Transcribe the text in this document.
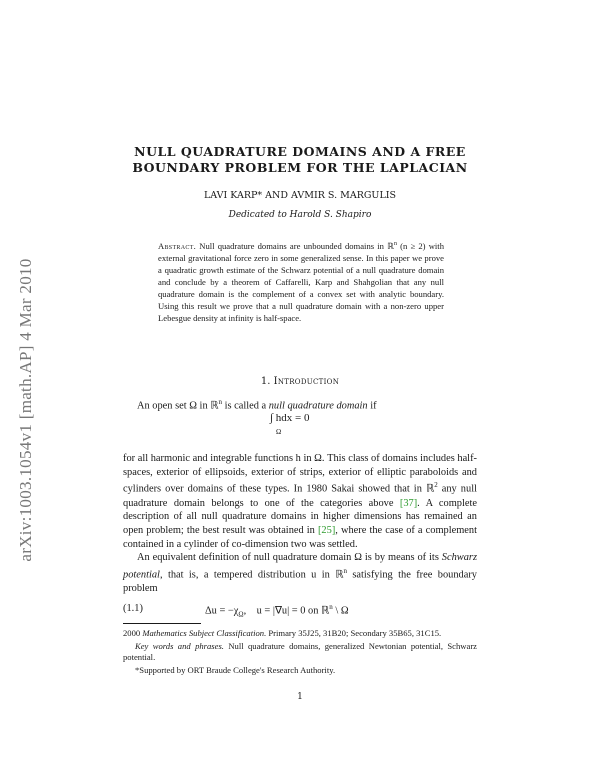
arXiv:1003.1054v1 [math.AP] 4 Mar 2010
NULL QUADRATURE DOMAINS AND A FREE
BOUNDARY PROBLEM FOR THE LAPLACIAN
LAVI KARP* AND AVMIR S. MARGULIS
Dedicated to Harold S. Shapiro
Abstract. Null quadrature domains are unbounded domains in ℝ$^n$ (n ≥ 2) with external gravitational force zero in some generalized sense. In this paper we prove a quadratic growth estimate of the Schwarz potential of a null quadrature domain and conclude by a theorem of Caffarelli, Karp and Shahgolian that any null quadrature domain is the complement of a convex set with analytic boundary. Using this result we prove that a null quadrature domain with a non-zero upper Lebesgue density at infinity is half-space.
1. Introduction

An open set Ω in ℝ$^n$ is called a null quadrature domain if

∫ hdx = 0
Ω

for all harmonic and integrable functions h in Ω. This class of domains includes half-spaces, exterior of ellipsoids, exterior of strips, exterior of elliptic paraboloids and cylinders over domains of these types. In 1980 Sakai showed that in ℝ$^2$ any null quadrature domain belongs to one of the categories above [37]. A complete description of all null quadrature domains in higher dimensions has remained an open problem; the best result was obtained in [25], where the case of a complement contained in a cylinder of co-dimension two was settled.

An equivalent definition of null quadrature domain Ω is by means of its Schwarz potential, that is, a tempered distribution u in ℝ$^n$ satisfying the free boundary problem

(1.1)	$\Delta u = -\chi_\Omega$,    u = |∇u| = 0 on ℝ$^n$ \ Ω

2000 Mathematics Subject Classification. Primary 35J25, 31B20; Secondary 35B65, 31C15.

Key words and phrases. Null quadrature domains, generalized Newtonian potential, Schwarz potential.

*Supported by ORT Braude College's Research Authority.

1
